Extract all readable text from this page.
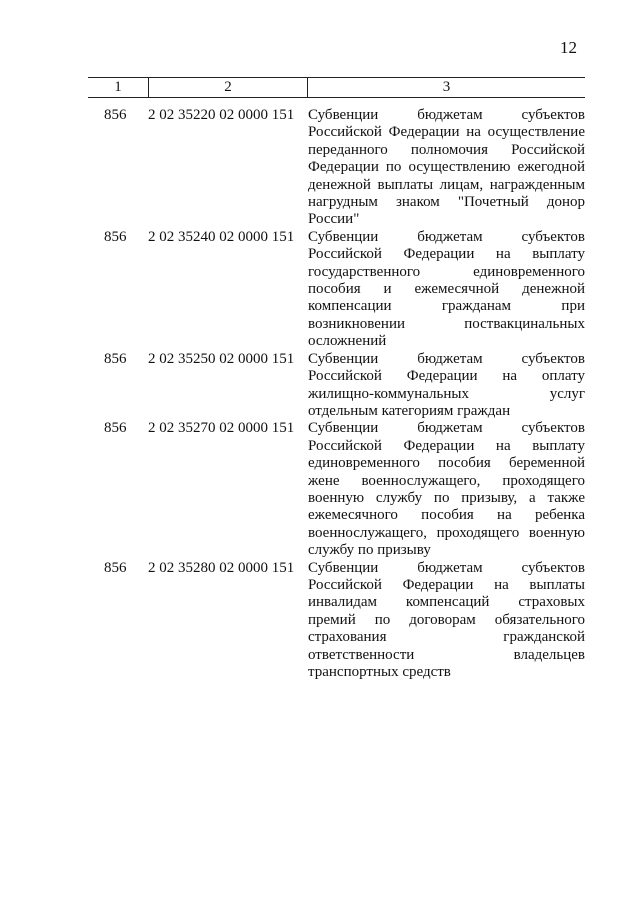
12
1	2	3
856	2 02 35220 02 0000 151 Субвенции бюджетам субъектов
Российской Федерации на осуществление
переданного полномочия Российской
Федерации по осуществлению ежегодной
денежной выплаты лицам, награжденным
нагрудным знаком "Почетный донор
России"
856	2 02 35240 02 0000 151 Субвенции бюджетам субъектов
Российской Федерации на выплату
государственного единовременного
пособия и ежемесячной денежной
компенсации гражданам при
возникновении поствакцинальных
осложнений
856	2 02 35250 02 0000 151 Субвенции бюджетам субъектов
Российской Федерации на оплату
жилищно-коммунальных услуг
отдельным категориям граждан
856	2 02 35270 02 0000 151 Субвенции бюджетам субъектов
Российской Федерации на выплату
единовременного пособия беременной
жене военнослужащего, проходящего
военную службу по призыву, а также
ежемесячного пособия на ребенка
военнослужащего, проходящего военную
службу по призыву
856	2 02 35280 02 0000 151 Субвенции бюджетам субъектов
Российской Федерации на выплаты
инвалидам компенсаций страховых
премий по договорам обязательного
страхования гражданской
ответственности владельцев
транспортных средств
